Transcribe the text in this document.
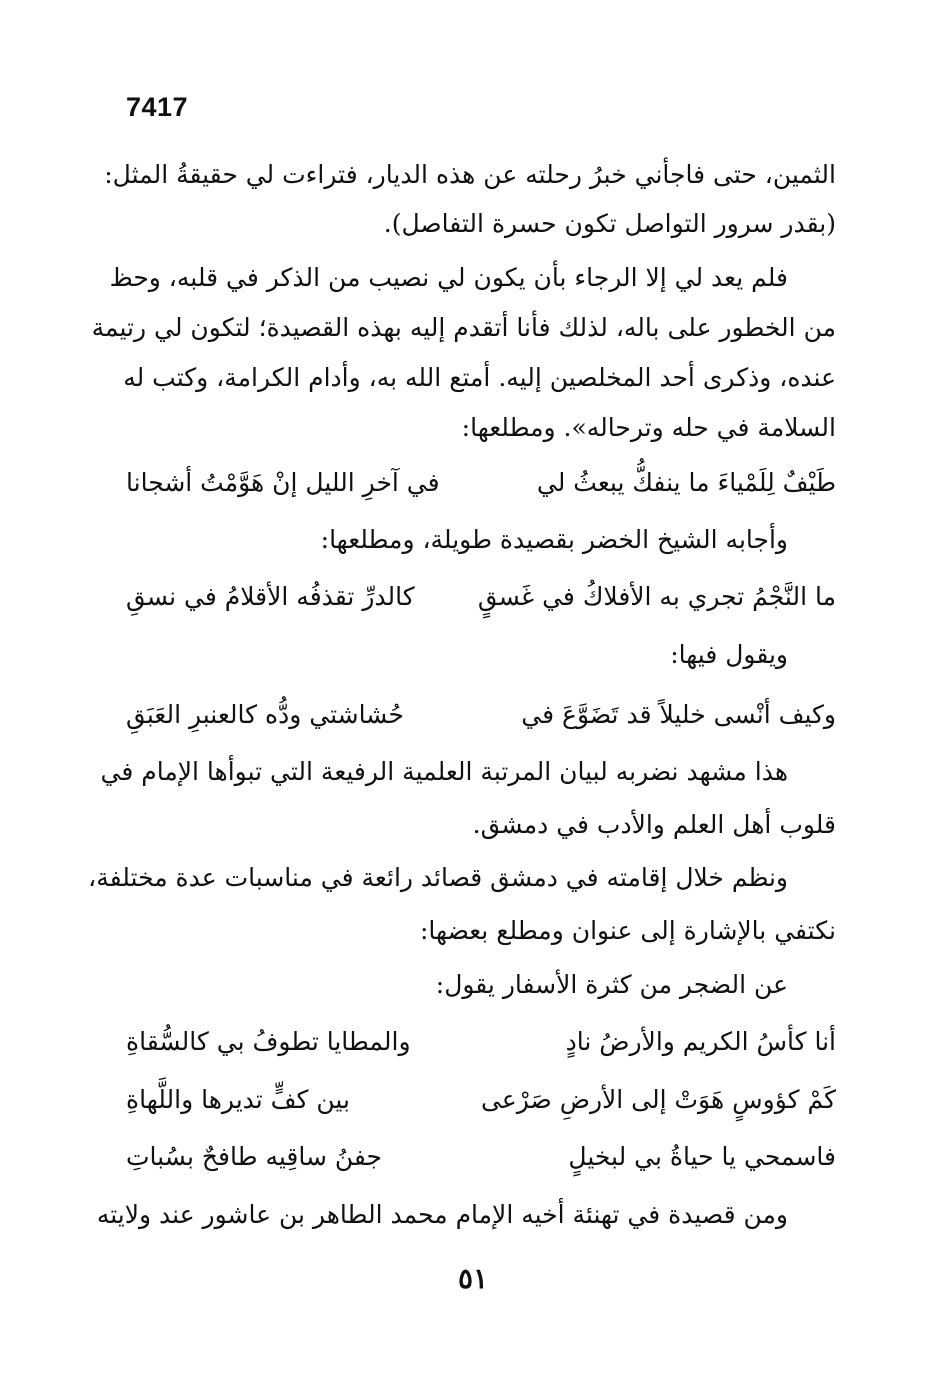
7417
الثمين، حتى فاجأني خبرُ رحلته عن هذه الديار، فتراءت لي حقيقةُ المثل:
(بقدر سرور التواصل تكون حسرة التفاصل).
فلم يعد لي إلا الرجاء بأن يكون لي نصيب من الذكر في قلبه، وحظ
من الخطور على باله، لذلك فأنا أتقدم إليه بهذه القصيدة؛ لتكون لي رتيمة
عنده، وذكرى أحد المخلصين إليه. أمتع الله به، وأدام الكرامة، وكتب له
السلامة في حله وترحاله». ومطلعها:
طَيْفٌ لِلَمْياءَ ما ينفكُّ يبعثُ لي
في آخرِ الليل إنْ هَوَّمْتُ أشجانا
وأجابه الشيخ الخضر بقصيدة طويلة، ومطلعها:
ما النَّجْمُ تجري به الأفلاكُ في غَسقٍ
كالدرِّ تقذفُه الأقلامُ في نسقِ
ويقول فيها:
وكيف أنْسى خليلاً قد تَضَوَّعَ في
حُشاشتي ودُّه كالعنبرِ العَبَقِ
هذا مشهد نضربه لبيان المرتبة العلمية الرفيعة التي تبوأها الإمام في
قلوب أهل العلم والأدب في دمشق.
ونظم خلال إقامته في دمشق قصائد رائعة في مناسبات عدة مختلفة،
نكتفي بالإشارة إلى عنوان ومطلع بعضها:
عن الضجر من كثرة الأسفار يقول:
أنا كأسُ الكريم والأرضُ نادٍ
والمطايا تطوفُ بي كالسُّقاةِ
كَمْ كؤوسٍ هَوَتْ إلى الأرضِ صَرْعى
بين كفٍّ تديرها واللَّهاةِ
فاسمحي يا حياةُ بي لبخيلٍ
جفنُ ساقِيه طافحٌ بسُباتِ
ومن قصيدة في تهنئة أخيه الإمام محمد الطاهر بن عاشور عند ولايته
٥١
